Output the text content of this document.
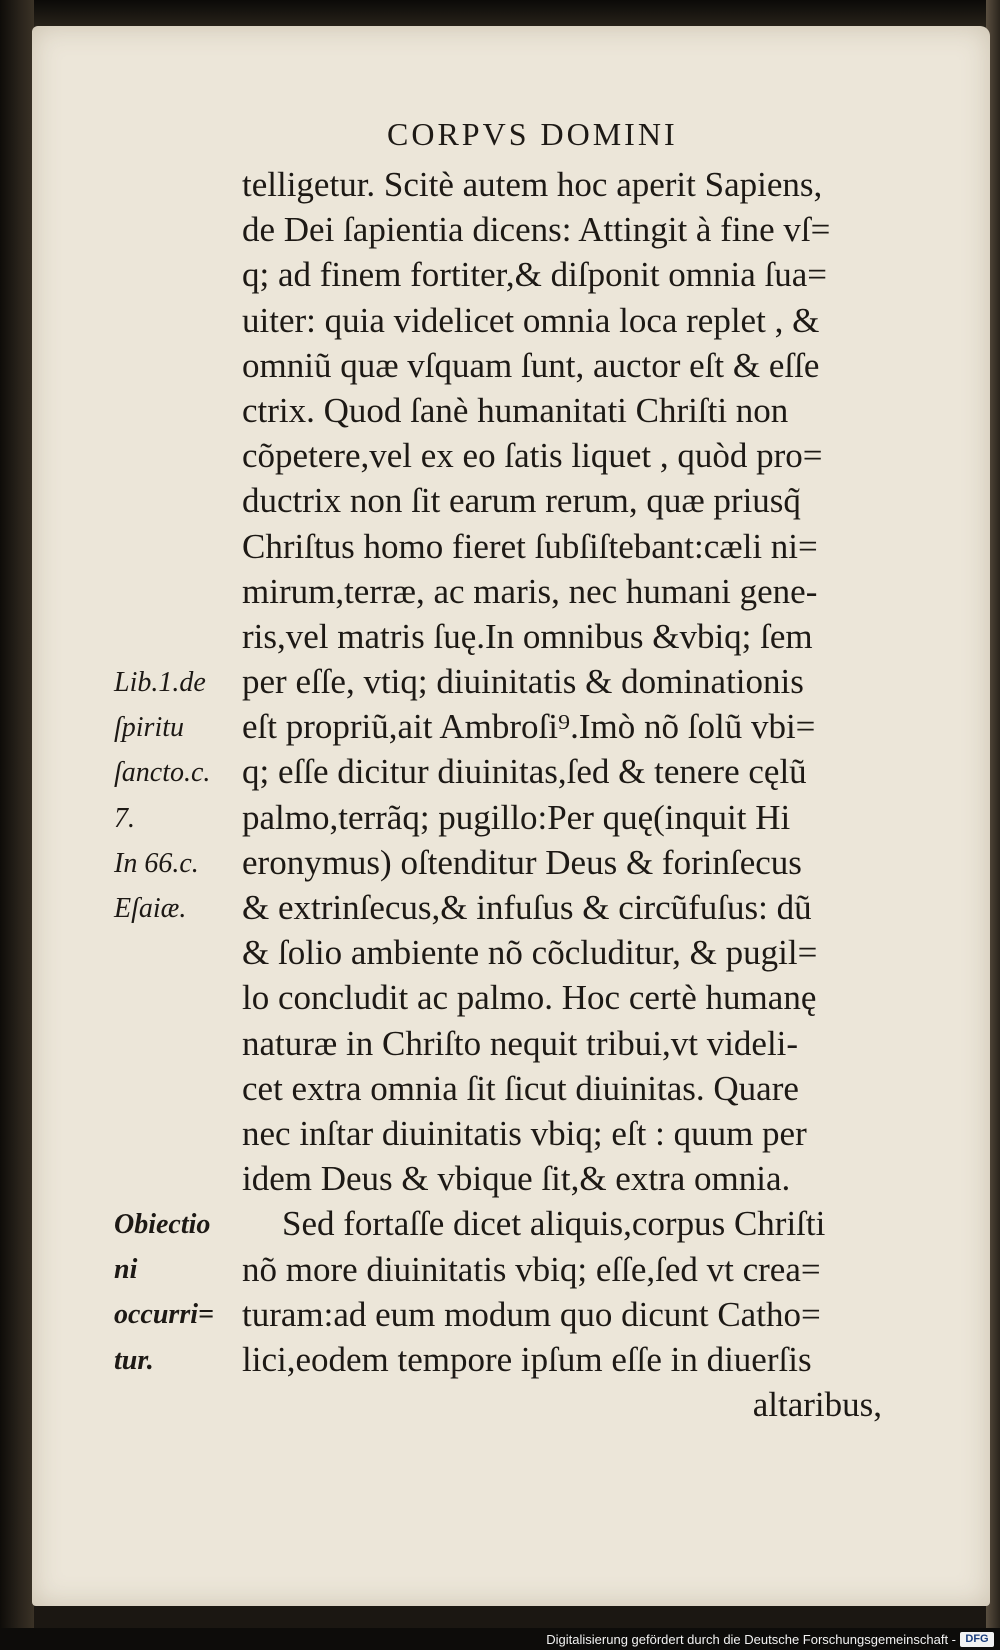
CORPVS DOMINI
Lib.1.de
ſpiritu
ſancto.c.
7.
In 66.c.
Eſaiæ.
Obiectio
ni
occurri=
tur.
telligetur. Scitè autem hoc aperit Sapiens,
de Dei ſapientia dicens: Attingit à fine vſ=
q; ad finem fortiter,& diſponit omnia ſua=
uiter: quia videlicet omnia loca replet , &
omniũ quæ vſquam ſunt, auctor eſt & eſſe
ctrix. Quod ſanè humanitati Chriſti non
cõpetere,vel ex eo ſatis liquet , quòd pro=
ductrix non ſit earum rerum, quæ priusq̃
Chriſtus homo fieret ſubſiſtebant:cæli ni=
mirum,terræ, ac maris, nec humani gene-
ris,vel matris ſuę.In omnibus &vbiq; ſem
per eſſe, vtiq; diuinitatis & dominationis
eſt propriũ,ait Ambroſi⁹.Imò nõ ſolũ vbi=
q; eſſe dicitur diuinitas,ſed & tenere cęlũ
palmo,terrãq; pugillo:Per quę(inquit Hi
eronymus) oſtenditur Deus & forinſecus
& extrinſecus,& infuſus & circũfuſus: dũ
& ſolio ambiente nõ cõcluditur, & pugil=
lo concludit ac palmo. Hoc certè humanę
naturæ in Chriſto nequit tribui,vt videli-
cet extra omnia ſit ſicut diuinitas. Quare
nec inſtar diuinitatis vbiq; eſt : quum per
idem Deus & vbique ſit,& extra omnia.
Sed fortaſſe dicet aliquis,corpus Chriſti
nõ more diuinitatis vbiq; eſſe,ſed vt crea=
turam:ad eum modum quo dicunt Catho=
lici,eodem tempore ipſum eſſe in diuerſis
altaribus,
Digitalisierung gefördert durch die Deutsche Forschungsgemeinschaft - DFG
